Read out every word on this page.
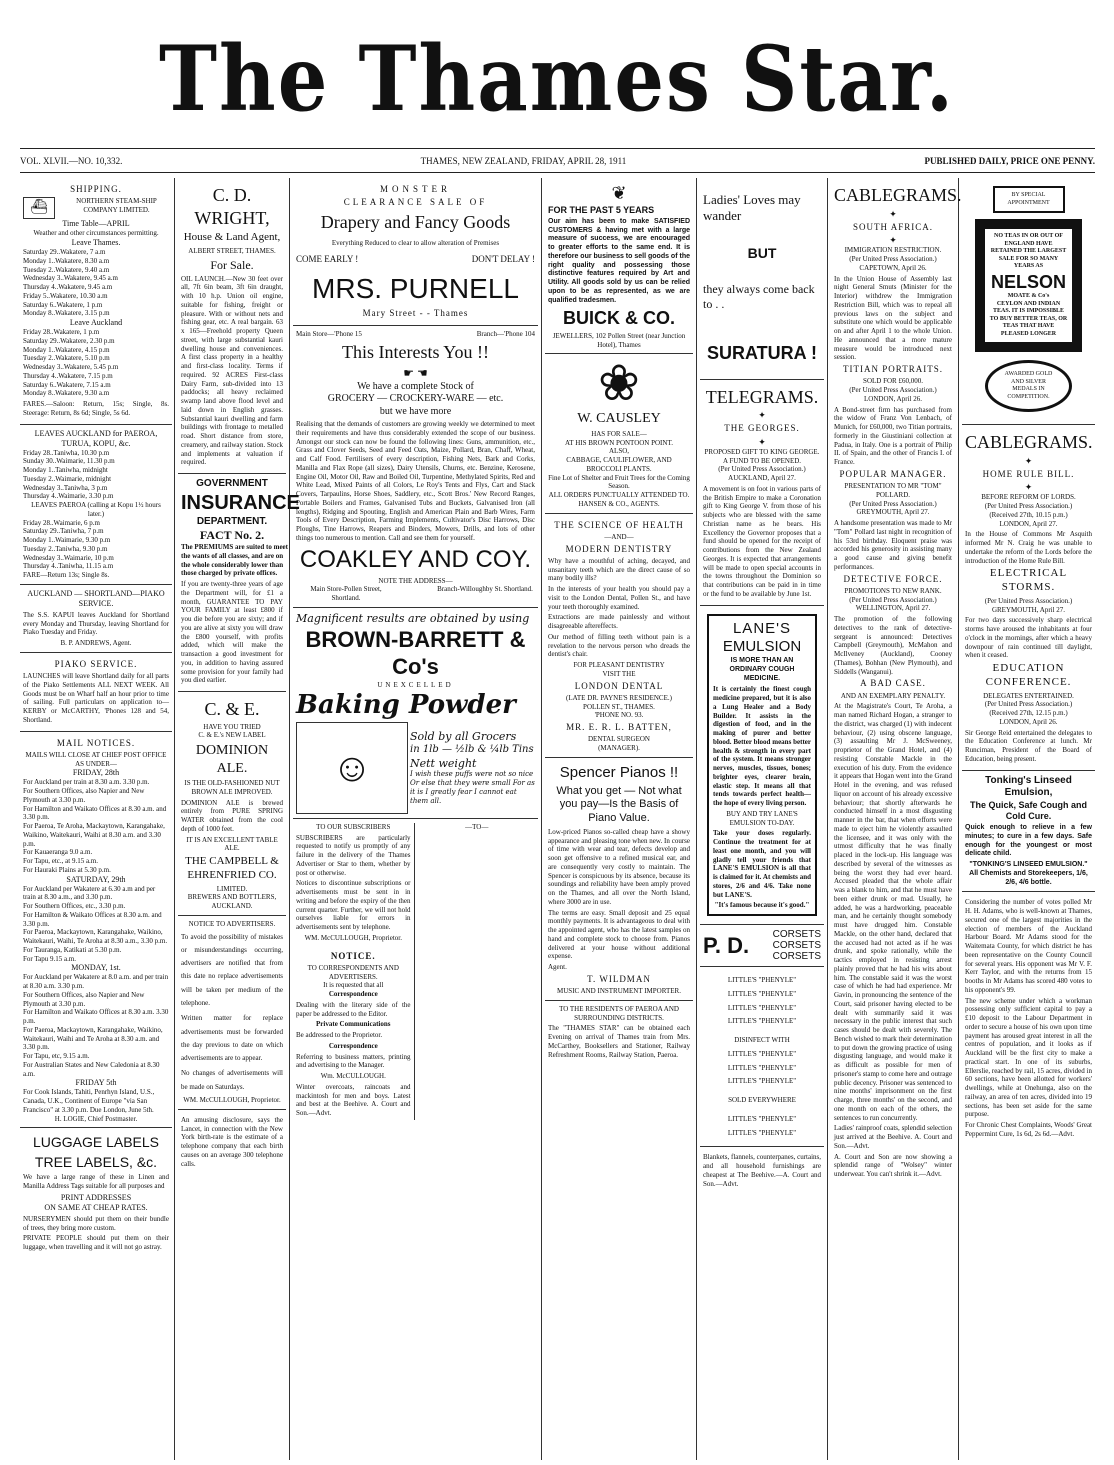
The Thames Star.
VOL. XLVII.—NO. 10,332.	THAMES, NEW ZEALAND, FRIDAY, APRIL 28, 1911	PUBLISHED DAILY, PRICE ONE PENNY.
SHIPPING.
⛴	NORTHERN STEAM-SHIP COMPANY LIMITED.
Time Table—APRIL
Weather and other circumstances permitting.
Leave Thames.
Saturday 29..Wakatere, 7 a.m
Monday 1..Wakatere, 8.30 a.m
Tuesday 2..Wakatere, 9.40 a.m
Wednesday 3..Wakatere, 9.45 a.m
Thursday 4..Wakatere, 9.45 a.m
Friday 5..Wakatere, 10.30 a.m
Saturday 6..Wakatere, 1 p.m
Monday 8..Wakatere, 3.15 p.m
Leave Auckland
Friday 28..Wakatere, 1 p.m
Saturday 29..Wakatere, 2.30 p.m
Monday 1..Wakatere, 4.15 p.m
Tuesday 2..Wakatere, 5.10 p.m
Wednesday 3..Wakatere, 5.45 p.m
Thursday 4..Wakatere, 7.15 p.m
Saturday 6..Wakatere, 7.15 a.m
Monday 8..Wakatere, 9.30 a.m

FARES.—Saloon: Return, 15s; Single, 8s. Steerage: Return, 8s 6d; Single, 5s 6d.

LEAVES AUCKLAND for PAEROA, TURUA, KOPU, &c.
Friday 28..Taniwha, 10.30 p.m
Sunday 30..Waimarie, 11.30 p.m
Monday 1..Taniwha, midnight
Tuesday 2..Waimarie, midnight
Wednesday 3..Taniwha, 3 p.m
Thursday 4..Waimarie, 3.30 p.m
LEAVES PAEROA (calling at Kopu 1½ hours later.)
Friday 28..Waimarie, 6 p.m
Saturday 29..Taniwha, 7 p.m
Monday 1..Waimarie, 9.30 p.m
Tuesday 2..Taniwha, 9.30 p.m
Wednesday 3..Waimarie, 10 p.m
Thursday 4..Taniwha, 11.15 a.m
FARE—Return 13s; Single 8s.
AUCKLAND — SHORTLAND—PIAKO SERVICE.

The S.S. KAPUI leaves Auckland for Shortland every Monday and Thursday, leaving Shortland for Piako Tuesday and Friday.

B. P. ANDREWS, Agent.
PIAKO SERVICE.

LAUNCHES will leave Shortland daily for all parts of the Piako Settlements ALL NEXT WEEK. All Goods must be on Wharf half an hour prior to time of sailing. Full particulars on application to—KERBY or McCARTHY, 'Phones 128 and 54, Shortland.

MAIL NOTICES.
MAILS WILL CLOSE AT CHIEF POST OFFICE AS UNDER—
FRIDAY, 28th
For Auckland per train at 8.30 a.m. 3.30 p.m.
For Southern Offices, also Napier and New Plymouth at 3.30 p.m.
For Hamilton and Waikato Offices at 8.30 a.m. and 3.30 p.m.
For Paeroa, Te Aroha, Mackaytown, Karangahake, Waikino, Waitekauri, Waihi at 8.30 a.m. and 3.30 p.m.
For Kauaeranga 9.0 a.m.
For Tapu, etc., at 9.15 a.m.
For Hauraki Plains at 5.30 p.m.
SATURDAY, 29th
For Auckland per Wakatere at 6.30 a.m and per train at 8.30 a.m., and 3.30 p.m.
For Southern Offices, etc., 3.30 p.m.
For Hamilton & Waikato Offices at 8.30 a.m. and 3.30 p.m.
For Paeroa, Mackaytown, Karangahake, Waikino, Waitekauri, Waihi, Te Aroha at 8.30 a.m., 3.30 p.m.
For Tauranga, Katikati at 5.30 p.m.
For Tapu 9.15 a.m.
MONDAY, 1st.
For Auckland per Wakatere at 8.0 a.m. and per train at 8.30 a.m. 3.30 p.m.
For Southern Offices, also Napier and New Plymouth at 3.30 p.m.
For Hamilton and Waikato Offices at 8.30 a.m. 3.30 p.m.
For Paeroa, Mackaytown, Karangahake, Waikino, Waitekauri, Waihi and Te Aroha at 8.30 a.m. and 3.30 p.m.
For Tapu, etc, 9.15 a.m.
For Australian States and New Caledonia at 8.30 a.m.
FRIDAY 5th
For Cook Islands, Tahiti, Penrhyn Island, U.S., Canada, U.K., Continent of Europe "via San Francisco" at 3.30 p.m. Due London, June 5th.
H. LOGIE, Chief Postmaster.
LUGGAGE LABELS
TREE LABELS, &c.

We have a large range of these in Linen and Manilla Address Tags suitable for all purposes and

PRINT ADDRESSES
ON SAME AT CHEAP RATES.

NURSERYMEN should put them on their bundle of trees, they bring more custom.

PRIVATE PEOPLE should put them on their luggage, when travelling and it will not go astray.

C. D. WRIGHT,
House & Land Agent,
ALBERT STREET, THAMES.
For Sale.

OIL LAUNCH.—New 30 feet over all, 7ft 6in beam, 3ft 6in draught, with 10 h.p. Union oil engine, suitable for fishing, freight or pleasure. With or without nets and fishing gear, etc. A real bargain. 63 x 165—Freehold property Queen street, with large substantial kauri dwelling house and conveniences. A first class property in a healthy and first-class locality. Terms if required. 92 ACRES First-class Dairy Farm, sub-divided into 13 paddocks; all heavy reclaimed swamp land above flood level and laid down in English grasses. Substantial kauri dwelling and farm buildings with frontage to metalled road. Short distance from store, creamery, and railway station. Stock and implements at valuation if required.

GOVERNMENT
INSURANCE
DEPARTMENT.
FACT No. 2.
The PREMIUMS are suited to meet
the wants of all classes, and are on
the whole considerably lower than
those charged by private offices.

If you are twenty-three years of age the Department will, for £1 a month, GUARANTEE TO PAY YOUR FAMILY at least £800 if you die before you are sixty; and if you are alive at sixty you will draw the £800 yourself, with profits added, which will make the transaction a good investment for you, in addition to having assured some provision for your family had you died earlier.

C. & E.
HAVE YOU TRIED
C. & E.'s NEW LABEL
DOMINION ALE.
IS THE OLD-FASHIONED NUT BROWN ALE IMPROVED.

DOMINION ALE is brewed entirely from PURE SPRING WATER obtained from the cool depth of 1000 feet.

IT IS AN EXCELLENT TABLE ALE.
THE CAMPBELL & EHRENFRIED CO.
LIMITED.
BREWERS AND BOTTLERS,
AUCKLAND.
NOTICE TO ADVERTISERS.

To avoid the possibility of mistakes or misunderstandings occurring, advertisers are notified that from this date no replace advertisements will be taken per medium of the telephone.

Written matter for replace advertisements must be forwarded the day previous to date on which advertisements are to appear.

No changes of advertisements will be made on Saturdays.

WM. McCULLOUGH, Proprietor.

An amusing disclosure, says the Lancet, in connection with the New York birth-rate is the estimate of a telephone company that each birth causes on an average 300 telephone calls.

MONSTER
CLEARANCE SALE OF
Drapery and Fancy Goods
Everything Reduced to clear to allow alteration of Premises
COME EARLY !	DON'T DELAY !
MRS. PURNELL
Mary Street - - Thames
Main Store—'Phone 15	Branch—'Phone 104
This Interests You !!
☛ ☚
We have a complete Stock of
GROCERY — CROCKERY-WARE — etc.
but we have more

Realising that the demands of customers are growing weekly we determined to meet their requirements and have thus considerably extended the scope of our business. Amongst our stock can now be found the following lines: Guns, ammunition, etc., Grass and Clover Seeds, Seed and Feed Oats, Maize, Pollard, Bran, Chaff, Wheat, and Calf Food. Fertilisers of every description, Fishing Nets, Bark and Corks, Manilla and Flax Rope (all sizes), Dairy Utensils, Churns, etc. Benzine, Kerosene, Engine Oil, Motor Oil, Raw and Boiled Oil, Turpentine, Methylated Spirits, Red and White Lead, Mixed Paints of all Colors, Le Roy's Tents and Flys, Cart and Stack Covers, Tarpaulins, Horse Shoes, Saddlery, etc., Scott Bros.' New Record Ranges, Portable Boilers and Frames, Galvanised Tubs and Buckets, Galvanised Iron (all lengths), Ridging and Spouting, English and American Plain and Barb Wires, Farm Tools of Every Description, Farming Implements, Cultivator's Disc Harrows, Disc Ploughs, Tine Harrows, Reapers and Binders, Mowers, Drills, and lots of other things too numerous to mention. Call and see them for yourself.

COAKLEY AND COY.
NOTE THE ADDRESS—
Main Store-Pollen Street, Shortland.
Branch-Willoughby St. Shortland.
Magnificent results are obtained by using
BROWN-BARRETT & Co's
UNEXCELLED
Baking Powder
☺
Sold by all Grocers
in 1lb — ½lb & ¼lb Tins
Nett weight
I wish these puffs were not so nice Or else that they were small For as it is I greatly fear I cannot eat them all.
TO OUR SUBSCRIBERS

SUBSCRIBERS are particularly requested to notify us promptly of any failure in the delivery of the Thames Advertiser or Star to them, whether by post or otherwise.

Notices to discontinue subscriptions or advertisements must be sent in in writing and before the expiry of the then current quarter. Further, we will not hold ourselves liable for errors in advertisements sent by telephone.

WM. McCULLOUGH, Proprietor.
NOTICE.
TO CORRESPONDENTS AND ADVERTISERS.
It is requested that all
Correspondence

Dealing with the literary side of the paper be addressed to the Editor.

Private Communications

Be addressed to the Proprietor.

Correspondence

Referring to business matters, printing and advertising to the Manager.

Wm. McCULLOUGH.

Winter overcoats, raincoats and mackintosh for men and boys. Latest and best at the Beehive. A. Court and Son.—Advt.

—TO—
❦
FOR THE PAST 5 YEARS

Our aim has been to make SATISFIED CUSTOMERS & having met with a large measure of success, we are encouraged to greater efforts to the same end. It is therefore our business to sell goods of the right quality and possessing those distinctive features required by Art and Utility. All goods sold by us can be relied upon to be as represented, as we are qualified tradesmen.

BUICK & CO.
JEWELLERS, 102 Pollen Street (near Junction Hotel), Thames
❀
W. CAUSLEY
HAS FOR SALE—
AT HIS BROWN PONTOON POINT.
ALSO,
CABBAGE, CAULIFLOWER, AND BROCCOLI PLANTS.
Fine Lot of Shelter and Fruit Trees for the Coming Season.
ALL ORDERS PUNCTUALLY ATTENDED TO.
HANSEN & CO., AGENTS.
THE SCIENCE OF HEALTH
—AND—
MODERN DENTISTRY

Why have a mouthful of aching, decayed, and unsanitary teeth which are the direct cause of so many bodily ills?

In the interests of your health you should pay a visit to the London Dental, Pollen St., and have your teeth thoroughly examined.

Extractions are made painlessly and without disagreeable aftereffects.

Our method of filling teeth without pain is a revelation to the nervous person who dreads the dentist's chair.

FOR PLEASANT DENTISTRY
VISIT THE
LONDON DENTAL
(LATE DR. PAYNE'S RESIDENCE.)
POLLEN ST., THAMES.
'PHONE NO. 93.
MR. E. R. L. BATTEN,
DENTAL SURGEON
(MANAGER).
Spencer Pianos !!
What you get — Not what you pay—Is the Basis of Piano Value.

Low-priced Pianos so-called cheap have a showy appearance and pleasing tone when new. In course of time with wear and tear, defects develop and soon get offensive to a refined musical ear, and are consequently very costly to maintain. The Spencer is conspicuous by its absence, because its soundings and reliability have been amply proved on the Thames, and all over the North Island, where 3000 are in use.

The terms are easy. Small deposit and 25 equal monthly payments. It is advantageous to deal with the appointed agent, who has the latest samples on hand and complete stock to choose from. Pianos delivered at your house without additional expense.

Agent.
T. WILDMAN
MUSIC AND INSTRUMENT IMPORTER.
TO THE RESIDENTS OF PAEROA AND SURROUNDING DISTRICTS.

The "THAMES STAR" can be obtained each Evening on arrival of Thames train from Mrs. McCarthey, Booksellers and Stationer, Railway Refreshment Rooms, Railway Station, Paeroa.

Ladies' Loves may wander
BUT
they always come back to . .
SURATURA !
TELEGRAMS.
✦
THE GEORGES.
✦
PROPOSED GIFT TO KING GEORGE.
A FUND TO BE OPENED.
(Per United Press Association.)
AUCKLAND, April 27.

A movement is on foot in various parts of the British Empire to make a Coronation gift to King George V. from those of his subjects who are blessed with the same Christian name as he bears. His Excellency the Governor proposes that a fund should be opened for the receipt of contributions from the New Zealand Georges. It is expected that arrangements will be made to open special accounts in the towns throughout the Dominion so that contributions can be paid in in time or the fund to be available by June 1st.

LANE'S
EMULSION
IS MORE THAN AN ORDINARY COUGH MEDICINE.

It is certainly the finest cough medicine prepared, but it is also a Lung Healer and a Body Builder. It assists in the digestion of food, and in the making of purer and better blood. Better blood means better health & strength in every part of the system. It means stronger nerves, muscles, tissues, bones; brighter eyes, clearer brain, elastic step. It means all that tends towards perfect health—the hope of every living person.

BUY AND TRY LANE'S EMULSION TO-DAY.

Take your doses regularly. Continue the treatment for at least one month, and you will gladly tell your friends that LANE'S EMULSION is all that is claimed for it. At chemists and stores, 2/6 and 4/6. Take none but LANE'S.

"It's famous because it's good."
P. D. CORSETS
CORSETS
CORSETS
LITTLE'S "PHENYLE"
LITTLE'S "PHENYLE"
LITTLE'S "PHENYLE"
LITTLE'S "PHENYLE"
DISINFECT WITH
LITTLE'S "PHENYLE"
LITTLE'S "PHENYLE"
LITTLE'S "PHENYLE"
SOLD EVERYWHERE
LITTLE'S "PHENYLE"
LITTLE'S "PHENYLE"

Blankets, flannels, counterpanes, curtains, and all household furnishings are cheapest at The Beehive.—A. Court and Son.—Advt.

CABLEGRAMS.
✦
SOUTH AFRICA.
✦
IMMIGRATION RESTRICTION.
(Per United Press Association.)
CAPETOWN, April 26.

In the Union House of Assembly last night General Smuts (Minister for the Interior) withdrew the Immigration Restriction Bill, which was to repeal all previous laws on the subject and substitute one which would be applicable on and after April 1 to the whole Union. He announced that a more mature measure would be introduced next session.

TITIAN PORTRAITS.
SOLD FOR £60,000.
(Per United Press Association.)
LONDON, April 26.

A Bond-street firm has purchased from the widow of Franz Von Lenbach, of Munich, for £60,000, two Titian portraits, formerly in the Giustiniani collection at Padua, in Italy. One is a portrait of Philip II. of Spain, and the other of Francis I. of France.

POPULAR MANAGER.
PRESENTATION TO MR "TOM" POLLARD.
(Per United Press Association.)
GREYMOUTH, April 27.

A handsome presentation was made to Mr "Tom" Pollard last night in recognition of his 53rd birthday. Eloquent praise was accorded his generosity in assisting many a good cause and giving benefit performances.

DETECTIVE FORCE.
PROMOTIONS TO NEW RANK.
(Per United Press Association.)
WELLINGTON, April 27.

The promotion of the following detectives to the rank of detective-sergeant is announced: Detectives Campbell (Greymouth), McMahon and McIlveney (Auckland), Cooney (Thames), Bohhan (New Plymouth), and Siddells (Wanganui).

A BAD CASE.
AND AN EXEMPLARY PENALTY.

At the Magistrate's Court, Te Aroha, a man named Richard Hogan, a stranger to the district, was charged (1) with indecent behaviour, (2) using obscene language, (3) assaulting Mr J. McSweeney, proprietor of the Grand Hotel, and (4) resisting Constable Mackle in the execution of his duty. From the evidence it appears that Hogan went into the Grand Hotel in the evening, and was refused liquor on account of his already excessive behaviour; that shortly afterwards he conducted himself in a most disgusting manner in the bar, that when efforts were made to eject him he violently assaulted the licensee, and it was only with the utmost difficulty that he was finally placed in the lock-up. His language was described by several of the witnesses as being the worst they had ever heard. Accused pleaded that the whole affair was a blank to him, and that he must have been either drunk or mad. Usually, he added, he was a hardworking, peaceable man, and he certainly thought somebody must have drugged him. Constable Mackle, on the other hand, declared that the accused had not acted as if he was drunk, and spoke rationally, while the tactics employed in resisting arrest plainly proved that he had his wits about him. The constable said it was the worst case of which he had had experience. Mr Gavin, in pronouncing the sentence of the Court, said prisoner having elected to be dealt with summarily said it was necessary in the public interest that such cases should be dealt with severely. The Bench wished to mark their determination to put down the growing practice of using disgusting language, and would make it as difficult as possible for men of prisoner's stamp to come here and outrage public decency. Prisoner was sentenced to nine months' imprisonment on the first charge, three months' on the second, and one month on each of the others, the sentences to run concurrently.

Ladies' rainproof coats, splendid selection just arrived at the Beehive. A. Court and Son.—Advt.

A. Court and Son are now showing a splendid range of "Wolsey" winter underwear. You can't shrink it.—Advt.

BY SPECIAL APPOINTMENT
NO TEAS IN OR OUT OF ENGLAND HAVE RETAINED THE LARGEST SALE FOR SO MANY YEARS AS
NELSON
MOATE & Co's
CEYLON AND INDIAN TEAS. IT IS IMPOSSIBLE TO BUY BETTER TEAS, OR TEAS THAT HAVE PLEASED LONGER
AWARDED GOLD AND SILVER MEDALS IN COMPETITION.
CABLEGRAMS.
✦
HOME RULE BILL.
✦
BEFORE REFORM OF LORDS.
(Per United Press Association.)
(Received 27th, 10.15 p.m.)
LONDON, April 27.

In the House of Commons Mr Asquith informed Mr N. Craig he was unable to undertake the reform of the Lords before the introduction of the Home Rule Bill.

ELECTRICAL STORMS.
(Per United Press Association.)
GREYMOUTH, April 27.

For two days successively sharp electrical storms have aroused the inhabitants at four o'clock in the mornings, after which a heavy downpour of rain continued till daylight, when it ceased.

EDUCATION CONFERENCE.
DELEGATES ENTERTAINED.
(Per United Press Association.)
(Received 27th, 12.15 p.m.)
LONDON, April 26.

Sir George Reid entertained the delegates to the Education Conference at lunch. Mr Runciman, President of the Board of Education, being present.

Tonking's Linseed Emulsion,
The Quick, Safe Cough and Cold Cure.

Quick enough to relieve in a few minutes; to cure in a few days. Safe enough for the youngest or most delicate child.

"TONKING'S LINSEED EMULSION."
All Chemists and Storekeepers, 1/6, 2/6, 4/6 bottle.

Considering the number of votes polled Mr H. H. Adams, who is well-known at Thames, secured one of the largest majorities in the election of members of the Auckland Harbour Board. Mr Adams stood for the Waitemata County, for which district he has been representative on the County Council for several years. His opponent was Mr V. F. Kerr Taylor, and with the returns from 15 booths in Mr Adams has scored 480 votes to his opponent's 99.

The new scheme under which a workman possessing only sufficient capital to pay a £10 deposit to the Labour Department in order to secure a house of his own upon time payment has aroused great interest in all the centres of population, and it looks as if Auckland will be the first city to make a practical start. In one of its suburbs, Ellerslie, reached by rail, 15 acres, divided in 60 sections, have been allotted for workers' dwellings, while at Onehunga, also on the railway, an area of ten acres, divided into 19 sections, has been set aside for the same purpose.

For Chronic Chest Complaints, Woods' Great Peppermint Cure, 1s 6d, 2s 6d.—Advt.
